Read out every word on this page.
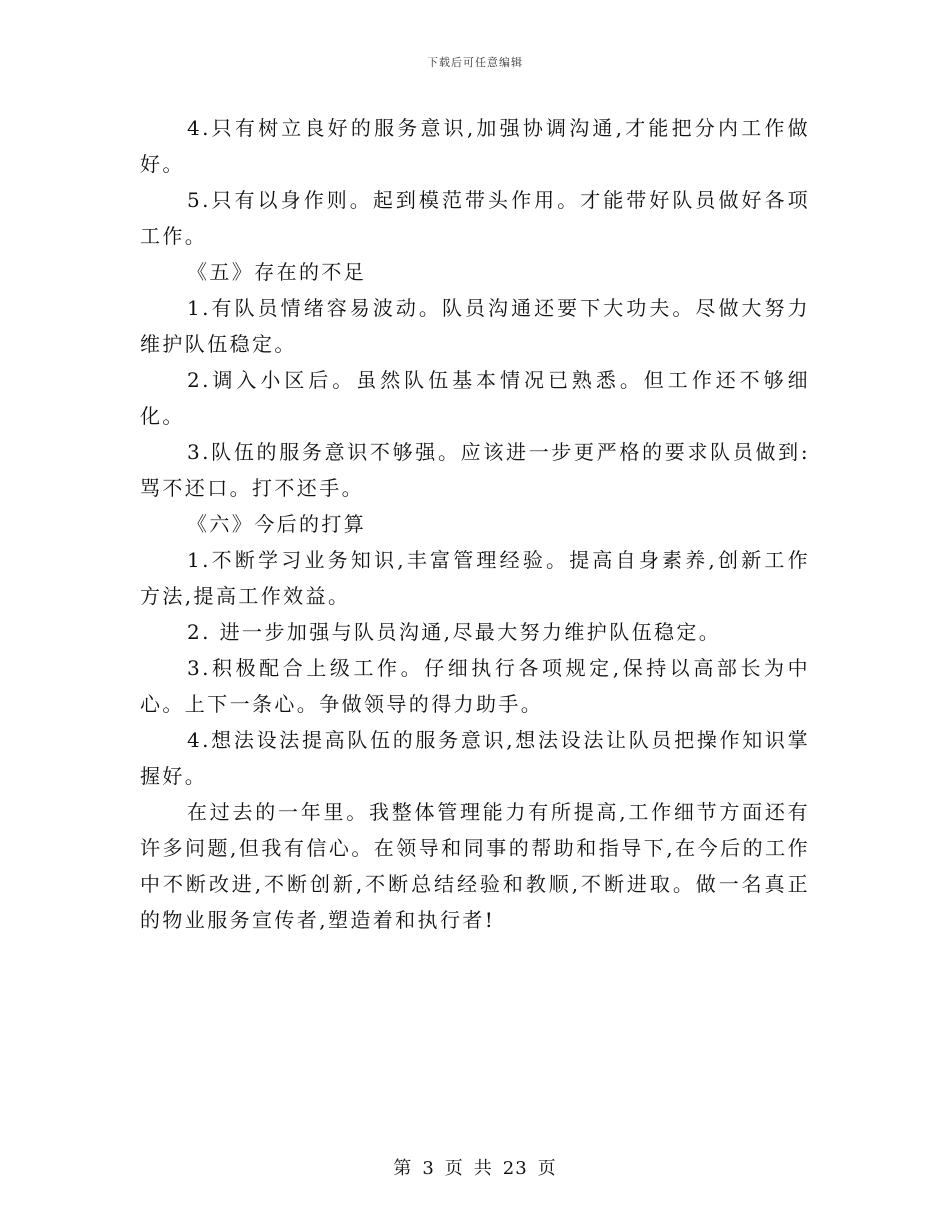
下载后可任意编辑

4.只有树立良好的服务意识,加强协调沟通,才能把分内工作做好。

5.只有以身作则。起到模范带头作用。才能带好队员做好各项工作。

《五》存在的不足

1.有队员情绪容易波动。队员沟通还要下大功夫。尽做大努力维护队伍稳定。

2.调入小区后。虽然队伍基本情况已熟悉。但工作还不够细化。

3.队伍的服务意识不够强。应该进一步更严格的要求队员做到:骂不还口。打不还手。

《六》今后的打算

1.不断学习业务知识,丰富管理经验。提高自身素养,创新工作方法,提高工作效益。

2. 进一步加强与队员沟通,尽最大努力维护队伍稳定。

3.积极配合上级工作。仔细执行各项规定,保持以高部长为中心。上下一条心。争做领导的得力助手。

4.想法设法提高队伍的服务意识,想法设法让队员把操作知识掌握好。

在过去的一年里。我整体管理能力有所提高,工作细节方面还有许多问题,但我有信心。在领导和同事的帮助和指导下,在今后的工作中不断改进,不断创新,不断总结经验和教顺,不断进取。做一名真正的物业服务宣传者,塑造着和执行者!

第 3 页 共 23 页
